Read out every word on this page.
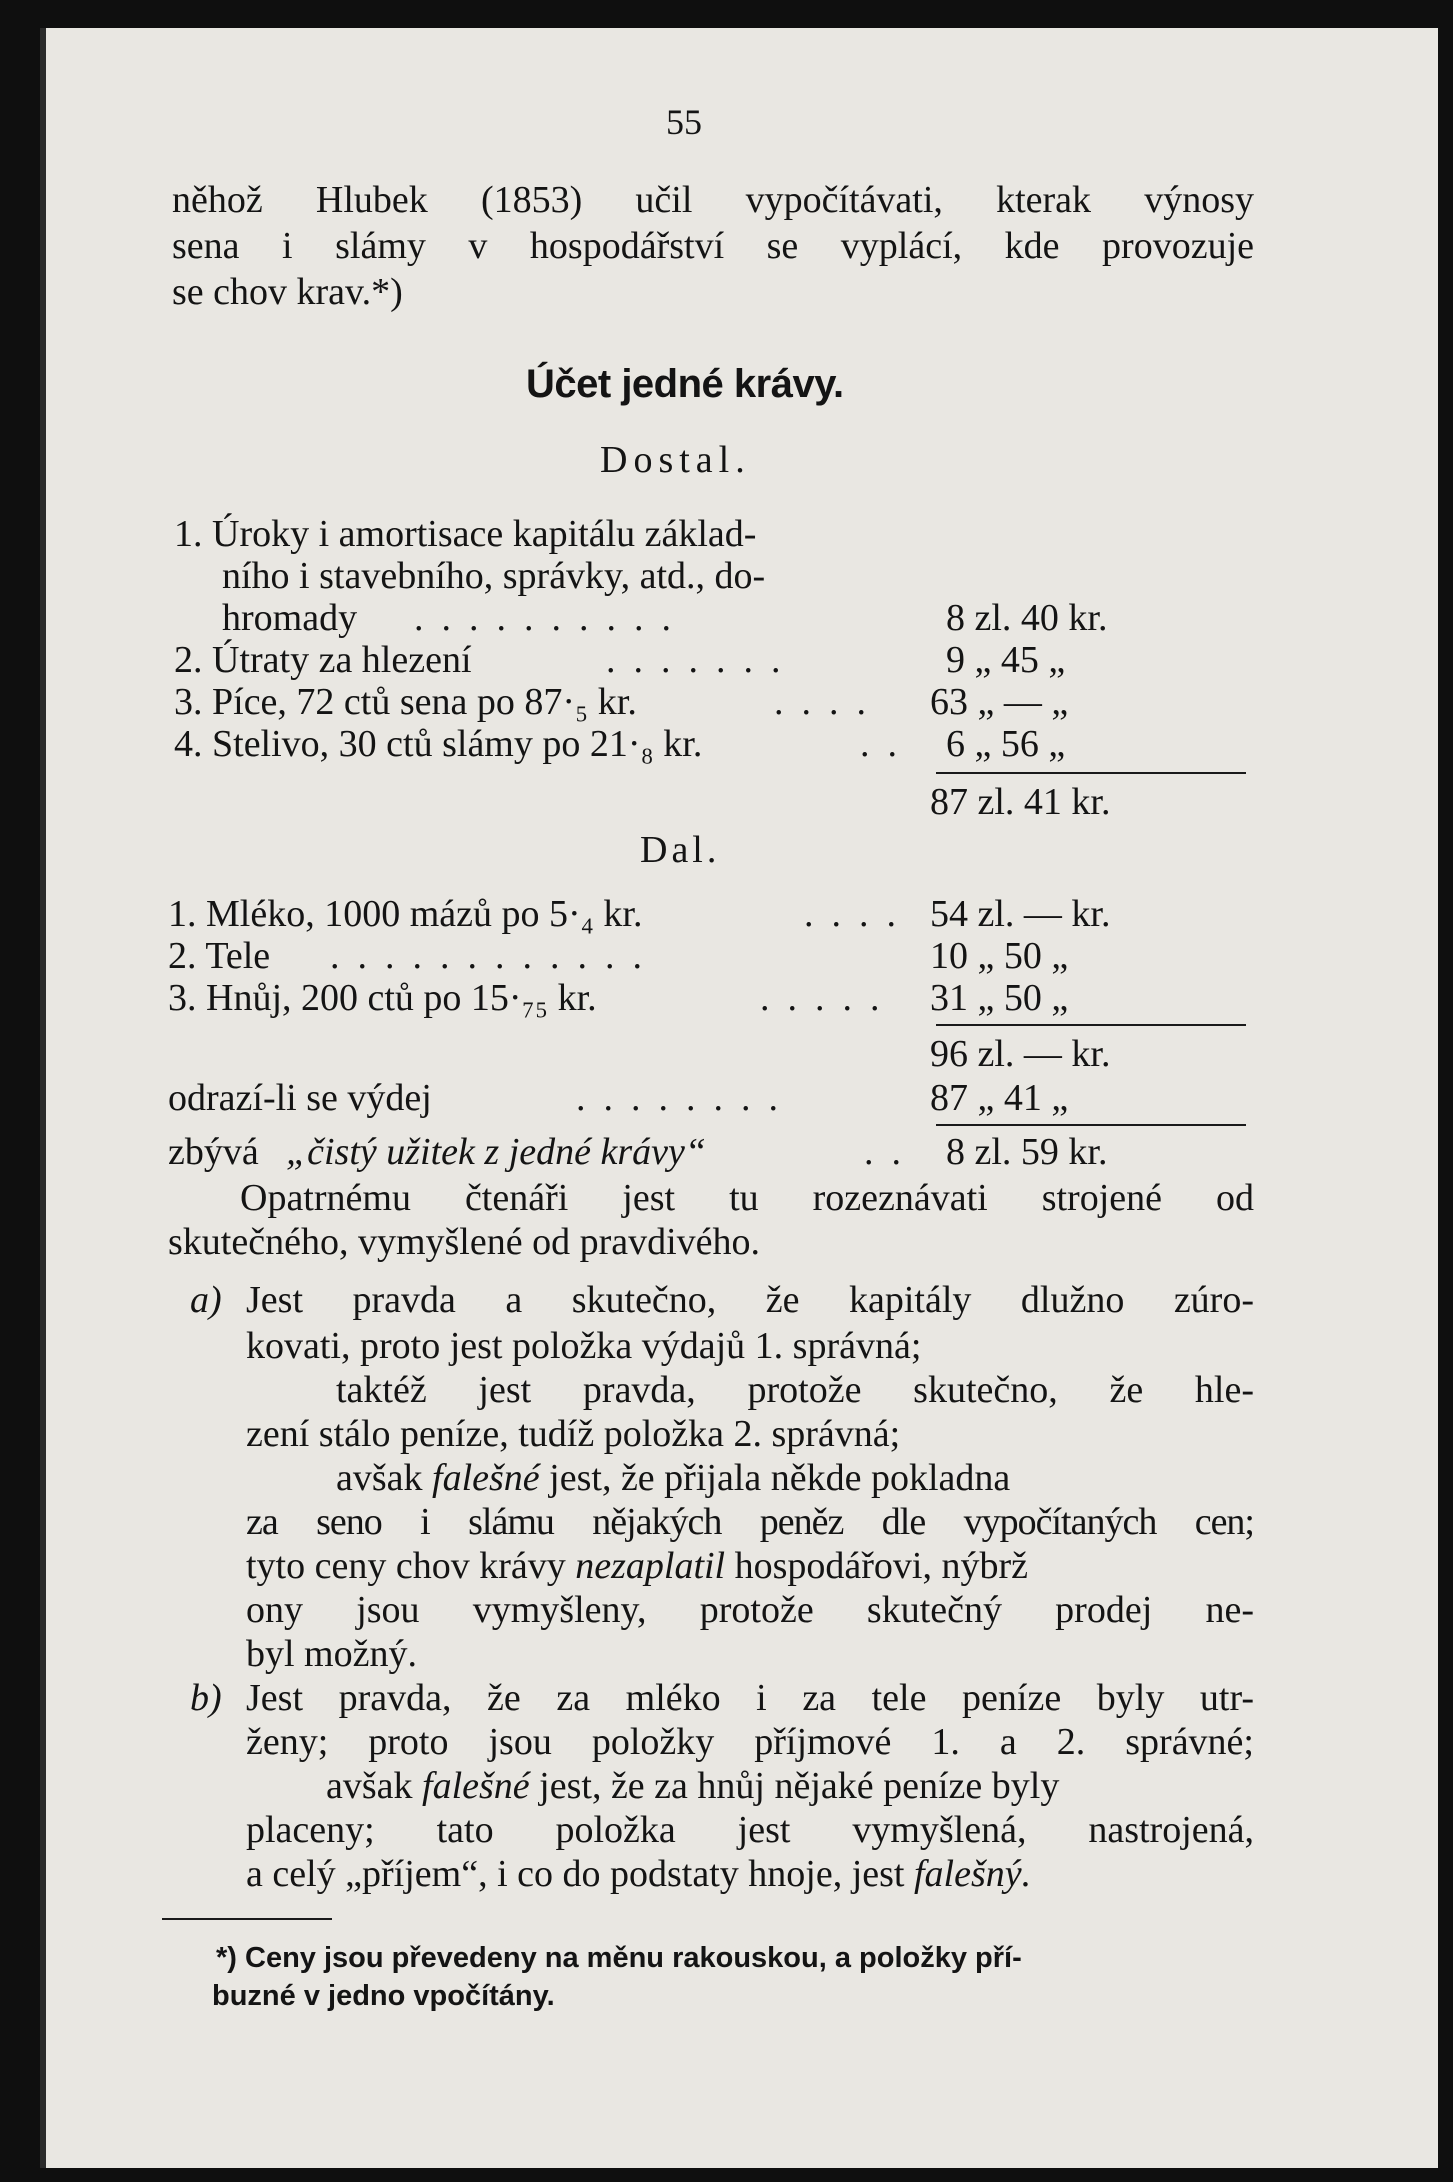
55
něhož Hlubek (1853) učil vypočítávati, kterak výnosy
sena i slámy v hospodářství se vyplácí, kde provozuje
se chov krav.*)
Účet jedné krávy.
Dostal.
1. Úroky i amortisace kapitálu základ-
ního i stavebního, správky, atd., do-
hromady ..........	8 zl. 40 kr.
2. Útraty za hlezení	.......	9 „ 45 „
3. Píce, 72 ctů sena po 87·₅ kr.	.... 63 „ — „
4. Stelivo, 30 ctů slámy po 21·₈ kr.	.. 6 „ 56 „
87 zl. 41 kr.
Dal.
1. Mléko, 1000 mázů po 5·₄ kr.	.... 54 zl. — kr.
2. Tele ............	10 „ 50 „
3. Hnůj, 200 ctů po 15·₇₅ kr.	..... 31 „ 50 „
96 zl. — kr.
odrazí-li se výdej	........	87 „ 41 „
zbývá „čistý užitek z jedné krávy“	.. 8 zl. 59 kr.
Opatrnému čtenáři jest tu rozeznávati strojené od
skutečného, vymyšlené od pravdivého.
a) Jest pravda a skutečno, že kapitály dlužno zúro-
kovati, proto jest položka výdajů 1. správná;
taktéž jest pravda, protože skutečno, že hle-
zení stálo peníze, tudíž položka 2. správná;
avšak falešné jest, že přijala někde pokladna
za seno i slámu nějakých peněz dle vypočítaných cen;
tyto ceny chov krávy nezaplatil hospodářovi, nýbrž
ony jsou vymyšleny, protože skutečný prodej ne-
byl možný.
b) Jest pravda, že za mléko i za tele peníze byly utr-
ženy; proto jsou položky příjmové 1. a 2. správné;
avšak falešné jest, že za hnůj nějaké peníze byly
placeny; tato položka jest vymyšlená, nastrojená,
a celý „příjem“, i co do podstaty hnoje, jest falešný.
*) Ceny jsou převedeny na měnu rakouskou, a položky pří-
buzné v jedno vpočítány.
